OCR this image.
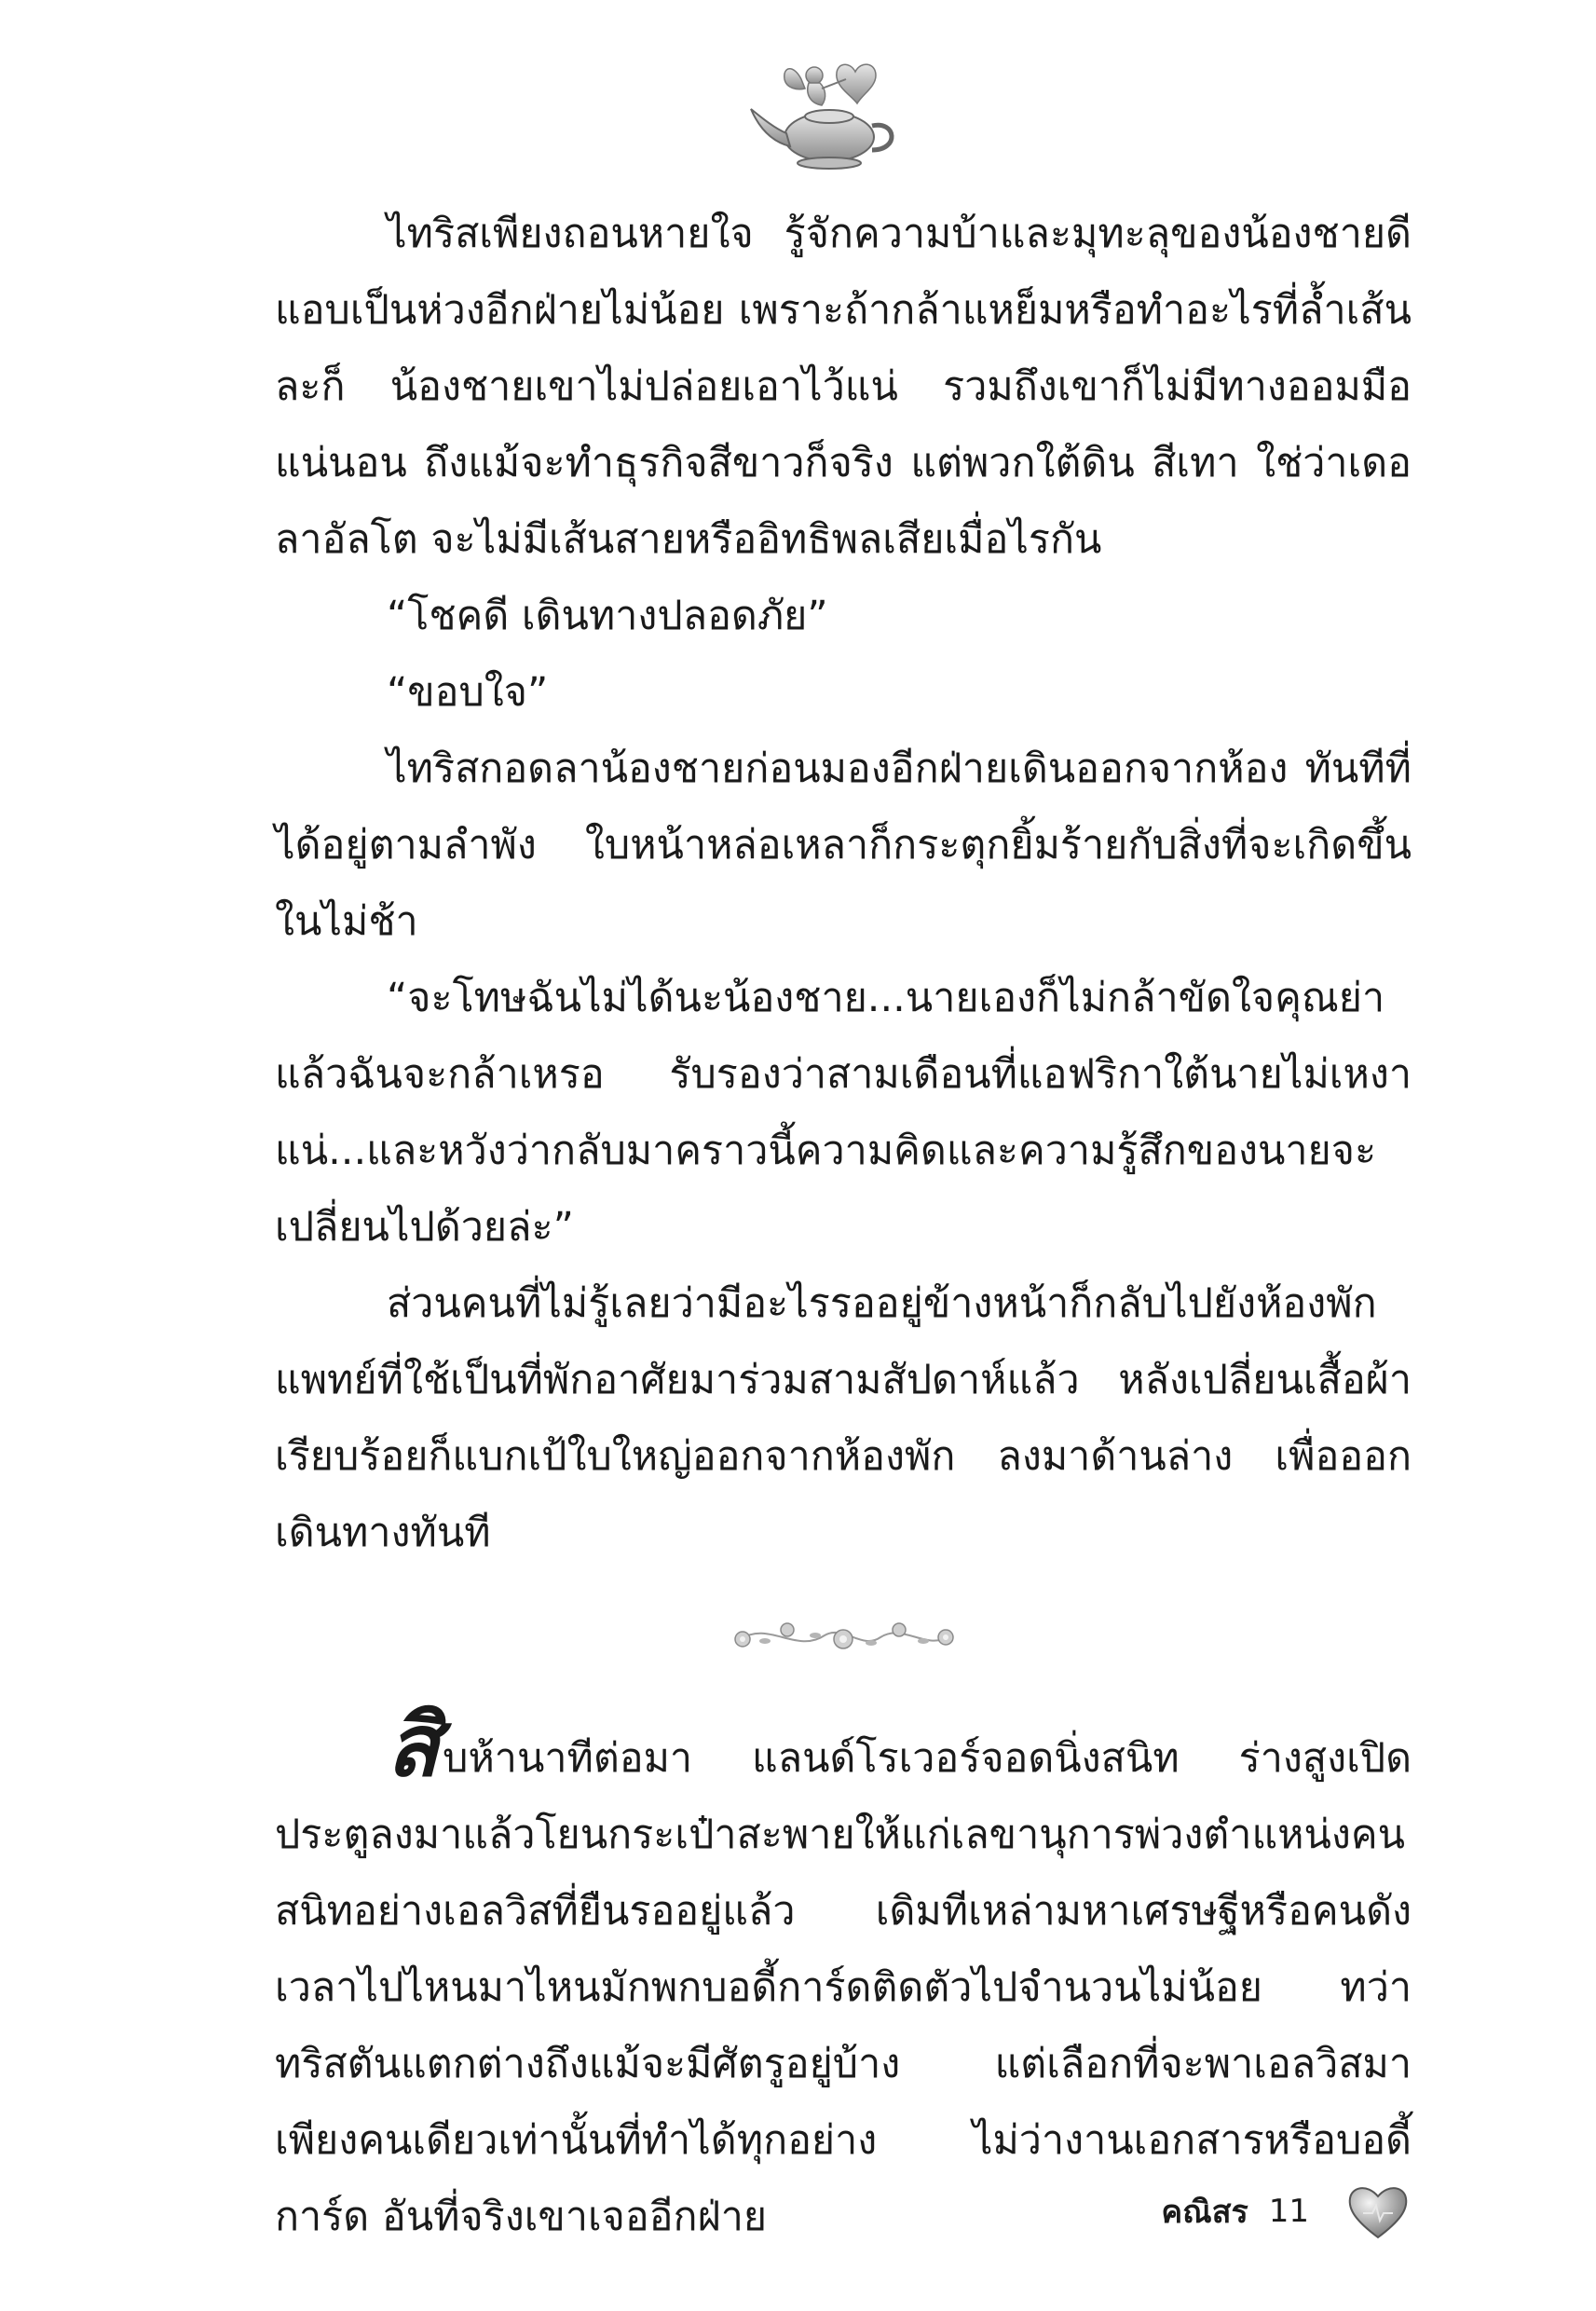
ไทริสเพียงถอนหายใจ รู้จักความบ้าและมุทะลุของน้องชายดี แอบเป็นห่วงอีกฝ่ายไม่น้อย เพราะถ้ากล้าแหย็มหรือทำอะไรที่ล้ำเส้นละก็ น้องชายเขาไม่ปล่อยเอาไว้แน่ รวมถึงเขาก็ไม่มีทางออมมือแน่นอน ถึงแม้จะทำธุรกิจสีขาวก็จริง แต่พวกใต้ดิน สีเทา ใช่ว่าเดอลาอัลโต จะไม่มีเส้นสายหรืออิทธิพลเสียเมื่อไรกัน

“โชคดี เดินทางปลอดภัย”

“ขอบใจ”

ไทริสกอดลาน้องชายก่อนมองอีกฝ่ายเดินออกจากห้อง ทันทีที่ได้อยู่ตามลำพัง ใบหน้าหล่อเหลาก็กระตุกยิ้มร้ายกับสิ่งที่จะเกิดขึ้นในไม่ช้า

“จะโทษฉันไม่ได้นะน้องชาย...นายเองก็ไม่กล้าขัดใจคุณย่าแล้วฉันจะกล้าเหรอ รับรองว่าสามเดือนที่แอฟริกาใต้นายไม่เหงาแน่...และหวังว่ากลับมาคราวนี้ความคิดและความรู้สึกของนายจะเปลี่ยนไปด้วยล่ะ”

ส่วนคนที่ไม่รู้เลยว่ามีอะไรรออยู่ข้างหน้าก็กลับไปยังห้องพักแพทย์ที่ใช้เป็นที่พักอาศัยมาร่วมสามสัปดาห์แล้ว หลังเปลี่ยนเสื้อผ้าเรียบร้อยก็แบกเป้ใบใหญ่ออกจากห้องพัก ลงมาด้านล่าง เพื่อออกเดินทางทันที

สิบห้านาทีต่อมา แลนด์โรเวอร์จอดนิ่งสนิท ร่างสูงเปิดประตูลงมาแล้วโยนกระเป๋าสะพายให้แก่เลขานุการพ่วงตำแหน่งคนสนิทอย่างเอลวิสที่ยืนรออยู่แล้ว เดิมทีเหล่ามหาเศรษฐีหรือคนดังเวลาไปไหนมาไหนมักพกบอดี้การ์ดติดตัวไปจำนวนไม่น้อย ทว่าทริสตันแตกต่างถึงแม้จะมีศัตรูอยู่บ้าง แต่เลือกที่จะพาเอลวิสมาเพียงคนเดียวเท่านั้นที่ทำได้ทุกอย่าง ไม่ว่างานเอกสารหรือบอดี้การ์ด อันที่จริงเขาเจออีกฝ่าย	คณิสร 11
